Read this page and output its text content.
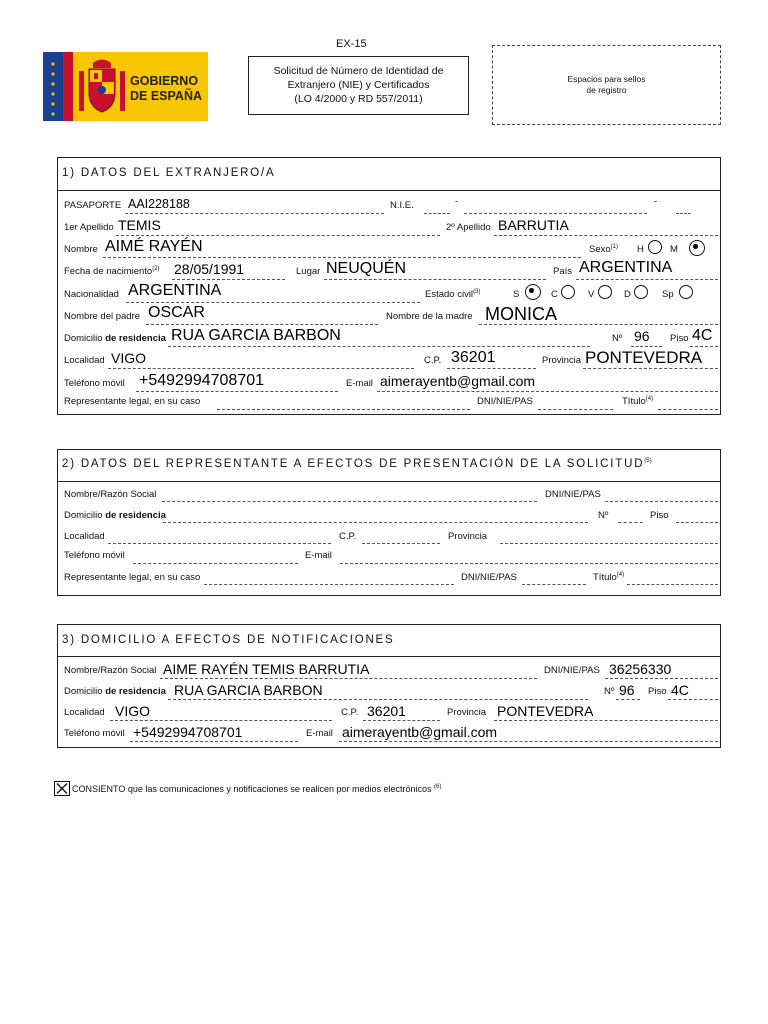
EX-15
GOBIERNO
DE ESPAÑA
Solicitud de Número de Identidad de
Extranjero (NIE) y Certificados
(LO 4/2000 y RD 557/2011)
Espacios para sellos
de registro
1) DATOS DEL EXTRANJERO/A
PASAPORTE AAI228188	N.I.E.	-	-
1er Apellido TEMIS	2º Apellido BARRUTIA
Nombre AIMÉ RAYÉN	Sexo$^{(1)}$ H	M
Fecha de nacimiento$^{(2)}$ 28/05/1991	Lugar NEUQUÉN	País ARGENTINA
Nacionalidad ARGENTINA	Estado civil$^{(3)}$	S	C	V	D	Sp
Nombre del padre OSCAR	Nombre de la madre MONICA
Domicilio de residencia RUA GARCIA BARBON	Nº 96 Piso 4C
Localidad VIGO	C.P. 36201	Provincia PONTEVEDRA
Teléfono móvil +5492994708701	E-mail aimerayentb@gmail.com
Representante legal, en su caso	DNI/NIE/PAS	Título$^{(4)}$
2) DATOS DEL REPRESENTANTE A EFECTOS DE PRESENTACIÓN DE LA SOLICITUD$^{(5)}$
Nombre/Razón Social	DNI/NIE/PAS
Domicilio de residencia	Nº	Piso
Localidad	C.P.	Provincia
Teléfono móvil	E-mail
Representante legal, en su caso	DNI/NIE/PAS	Título$^{(4)}$
3) DOMICILIO A EFECTOS DE NOTIFICACIONES
Nombre/Razón Social AIME RAYÉN TEMIS BARRUTIA	DNI/NIE/PAS 36256330
Domicilio de residencia RUA GARCIA BARBON	Nº 96 Piso 4C
Localidad VIGO	C.P. 36201	Provincia PONTEVEDRA
Teléfono móvil +5492994708701	E-mail aimerayentb@gmail.com
CONSIENTO que las comunicaciones y notificaciones se realicen por medios electrónicos $^{(6)}$
